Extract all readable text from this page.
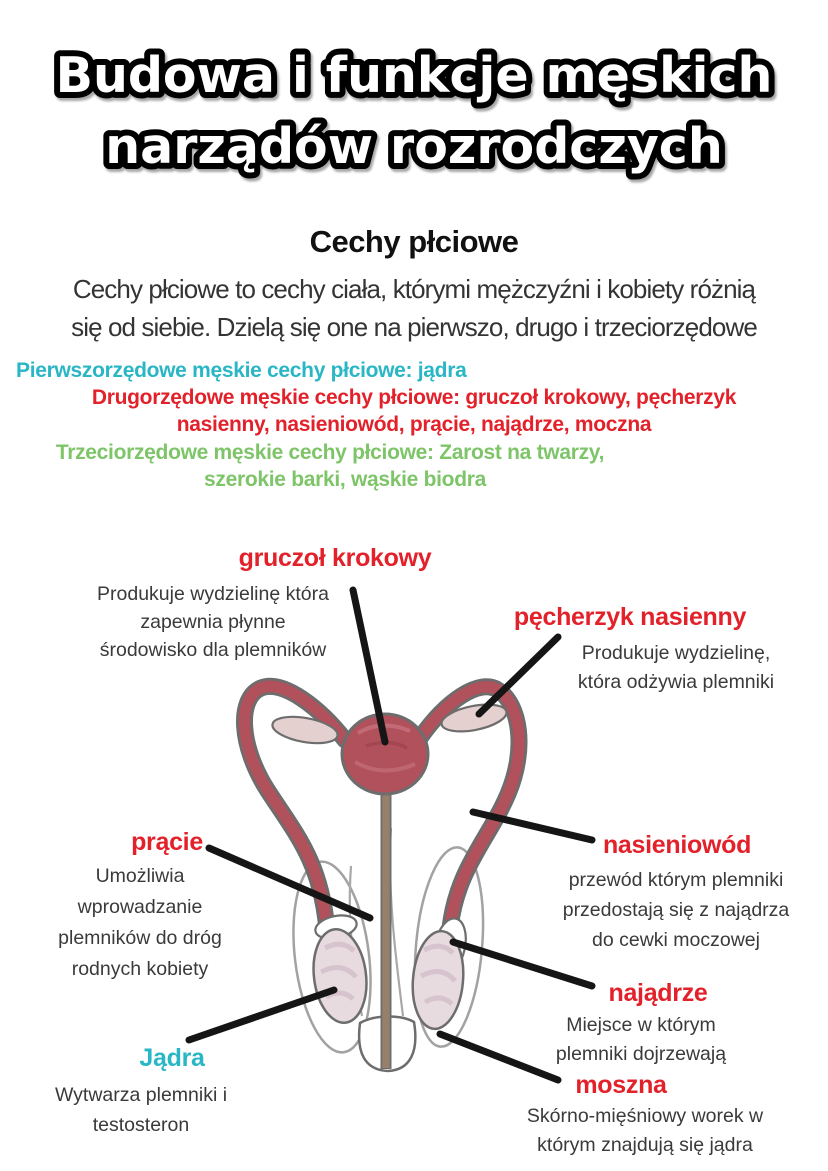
Budowa i funkcje męskich
narządów rozrodczych
Cechy płciowe
Cechy płciowe to cechy ciała, którymi mężczyźni i kobiety różnią
się od siebie. Dzielą się one na pierwszo, drugo i trzeciorzędowe
Pierwszorzędowe męskie cechy płciowe: jądra
Drugorzędowe męskie cechy płciowe: gruczoł krokowy, pęcherzyk
nasienny, nasieniowód, prącie, najądrze, moczna
Trzeciorzędowe męskie cechy płciowe: Zarost na twarzy,
szerokie barki, wąskie biodra
gruczoł krokowy
Produkuje wydzielinę która
zapewnia płynne
środowisko dla plemników
pęcherzyk nasienny
Produkuje wydzielinę,
która odżywia plemniki
prącie
Umożliwia
wprowadzanie
plemników do dróg
rodnych kobiety
nasieniowód
przewód którym plemniki
przedostają się z najądrza
do cewki moczowej
najądrze
Miejsce w którym
plemniki dojrzewają
moszna
Skórno-mięśniowy worek w
którym znajdują się jądra
Jądra
Wytwarza plemniki i
testosteron
